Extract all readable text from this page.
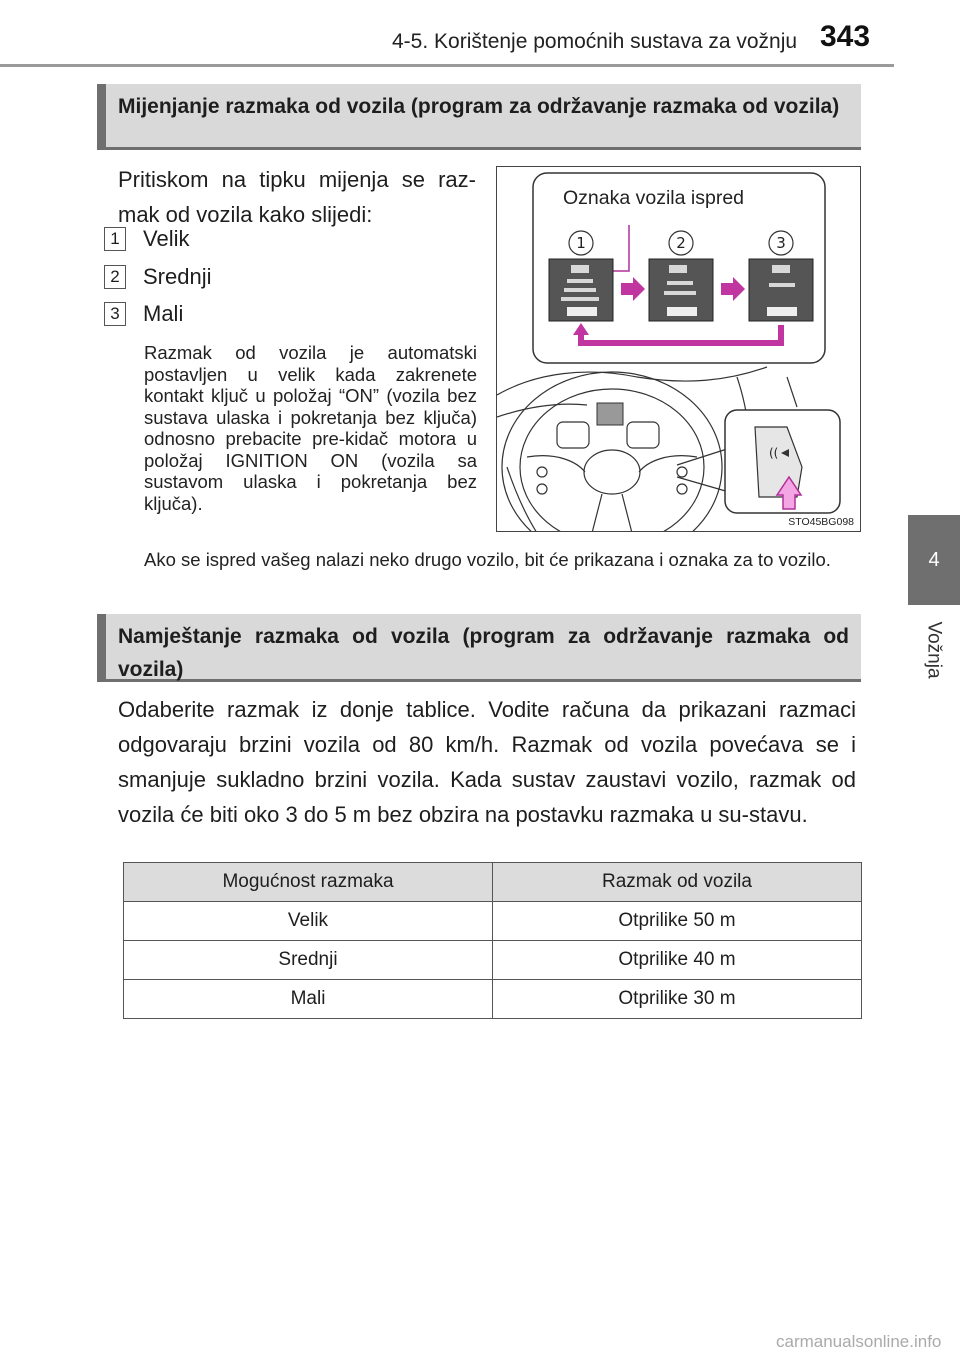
4-5. Korištenje pomoćnih sustava za vožnju 343
4
Vožnja
Mijenjanje razmaka od vozila (program za održavanje razmaka od vozila)
Pritiskom na tipku mijenja se raz-mak od vozila kako slijedi:
1 Velik
2 Srednji
3 Mali
Razmak od vozila je automatski postavljen u velik kada zakrenete kontakt ključ u položaj “ON” (vozila bez sustava ulaska i pokretanja bez ključa) odnosno prebacite pre-kidač motora u položaj IGNITION ON (vozila sa sustavom ulaska i pokretanja bez ključa).
Ako se ispred vašeg nalazi neko drugo vozilo, bit će prikazana i oznaka za to vozilo.
((
1	2	3
Oznaka vozila ispred
STO45BG098
Namještanje razmaka od vozila (program za održavanje razmaka od vozila)
Odaberite razmak iz donje tablice. Vodite računa da prikazani razmaci odgovaraju brzini vozila od 80 km/h. Razmak od vozila povećava se i smanjuje sukladno brzini vozila. Kada sustav zaustavi vozilo, razmak od vozila će biti oko 3 do 5 m bez obzira na postavku razmaka u su-stavu.
Mogućnost razmaka	Razmak od vozila
Velik	Otprilike 50 m
Srednji	Otprilike 40 m
Mali	Otprilike 30 m
carmanualsonline.info
